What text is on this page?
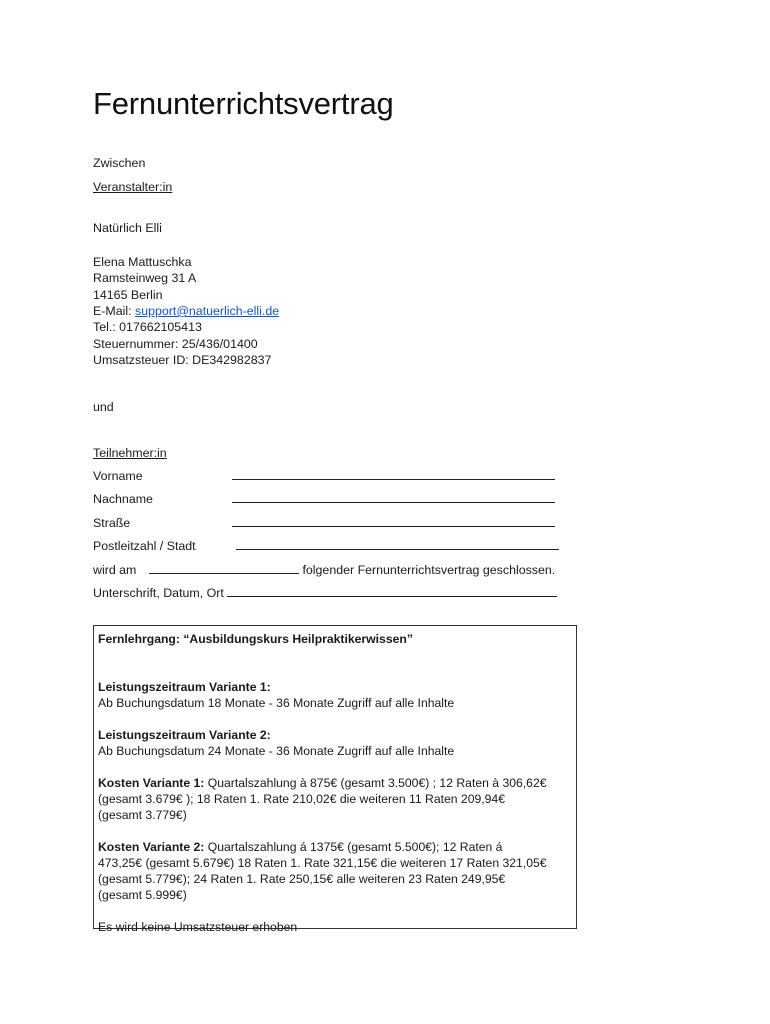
Fernunterrichtsvertrag
Zwischen
Veranstalter:in
Natürlich Elli
Elena Mattuschka
Ramsteinweg 31 A
14165 Berlin
E-Mail: support@natuerlich-elli.de
Tel.: 017662105413
Steuernummer: 25/436/01400
Umsatzsteuer ID: DE342982837
und
Teilnehmer:in
Vorname
Nachname
Straße
Postleitzahl / Stadt
wird am	folgender Fernunterrichtsvertrag geschlossen.
Unterschrift, Datum, Ort
Fernlehrgang: “Ausbildungskurs Heilpraktikerwissen”
Leistungszeitraum Variante 1:
Ab Buchungsdatum 18 Monate - 36 Monate Zugriff auf alle Inhalte
Leistungszeitraum Variante 2:
Ab Buchungsdatum 24 Monate - 36 Monate Zugriff auf alle Inhalte
Kosten Variante 1: Quartalszahlung à 875€ (gesamt 3.500€) ; 12 Raten à 306,62€
(gesamt 3.679€ ); 18 Raten 1. Rate 210,02€ die weiteren 11 Raten 209,94€
(gesamt 3.779€)
Kosten Variante 2: Quartalszahlung á 1375€ (gesamt 5.500€); 12 Raten á
473,25€ (gesamt 5.679€) 18 Raten 1. Rate 321,15€ die weiteren 17 Raten 321,05€
(gesamt 5.779€); 24 Raten 1. Rate 250,15€ alle weiteren 23 Raten 249,95€
(gesamt 5.999€)
Es wird keine Umsatzsteuer erhoben
